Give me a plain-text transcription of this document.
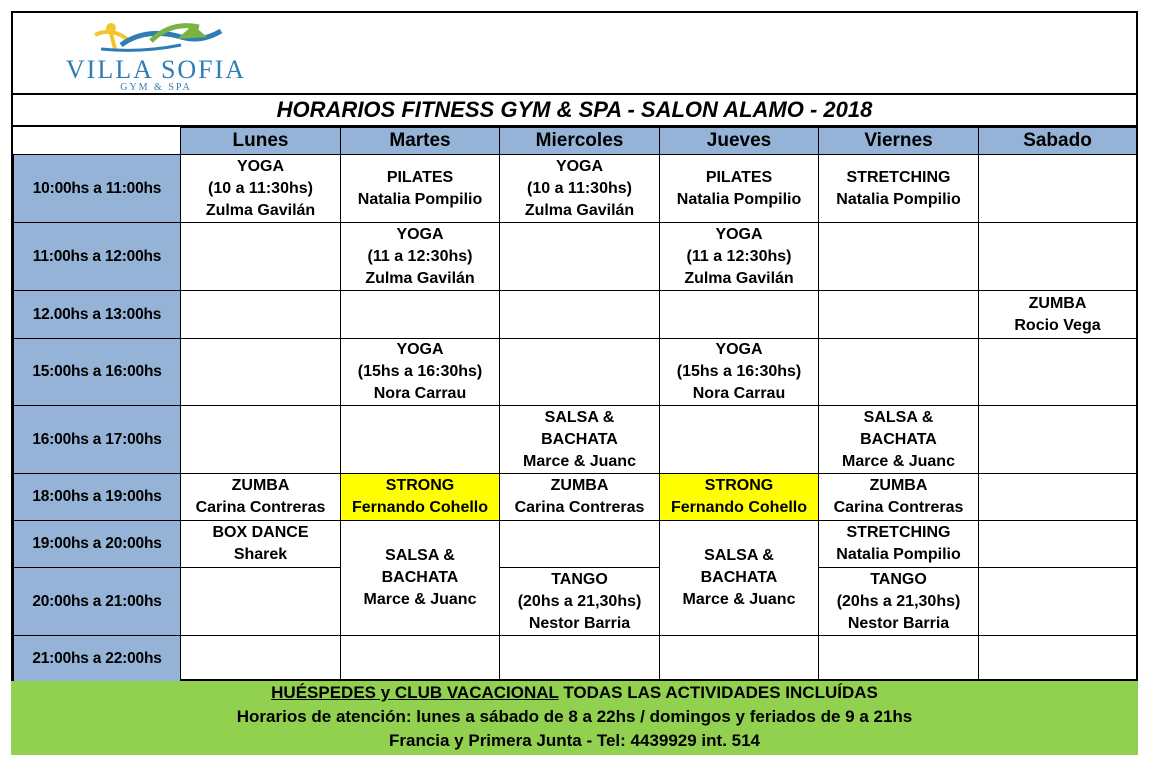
VILLA SOFIA
GYM & SPA
HORARIOS FITNESS GYM & SPA - SALON ALAMO - 2018
	Lunes	Martes	Miercoles	Jueves	Viernes	Sabado
10:00hs a 11:00hs	YOGA
(10 a 11:30hs)
Zulma Gavilán	PILATES
Natalia Pompilio	YOGA
(10 a 11:30hs)
Zulma Gavilán	PILATES
Natalia Pompilio	STRETCHING
Natalia Pompilio	

11:00hs a 12:00hs		YOGA
(11 a 12:30hs)
Zulma Gavilán		YOGA
(11 a 12:30hs)
Zulma Gavilán		

12.00hs a 13:00hs						ZUMBA
Rocio Vega

15:00hs a 16:00hs		YOGA
(15hs a 16:30hs)
Nora Carrau		YOGA
(15hs a 16:30hs)
Nora Carrau		

16:00hs a 17:00hs			SALSA &
BACHATA
Marce & Juanc		SALSA &
BACHATA
Marce & Juanc	

18:00hs a 19:00hs	ZUMBA
Carina Contreras	STRONG
Fernando Cohello	ZUMBA
Carina Contreras	STRONG
Fernando Cohello	ZUMBA
Carina Contreras	

19:00hs a 20:00hs	BOX DANCE
Sharek	SALSA &
BACHATA
Marce & Juanc		SALSA &
BACHATA
Marce & Juanc	STRETCHING
Natalia Pompilio	

20:00hs a 21:00hs			TANGO
(20hs a 21,30hs)
Nestor Barria		TANGO
(20hs a 21,30hs)
Nestor Barria	

21:00hs a 22:00hs						
HUÉSPEDES y CLUB VACACIONAL TODAS LAS ACTIVIDADES INCLUÍDAS
Horarios de atención: lunes a sábado de 8 a 22hs / domingos y feriados de 9 a 21hs
Francia y Primera Junta - Tel: 4439929 int. 514
